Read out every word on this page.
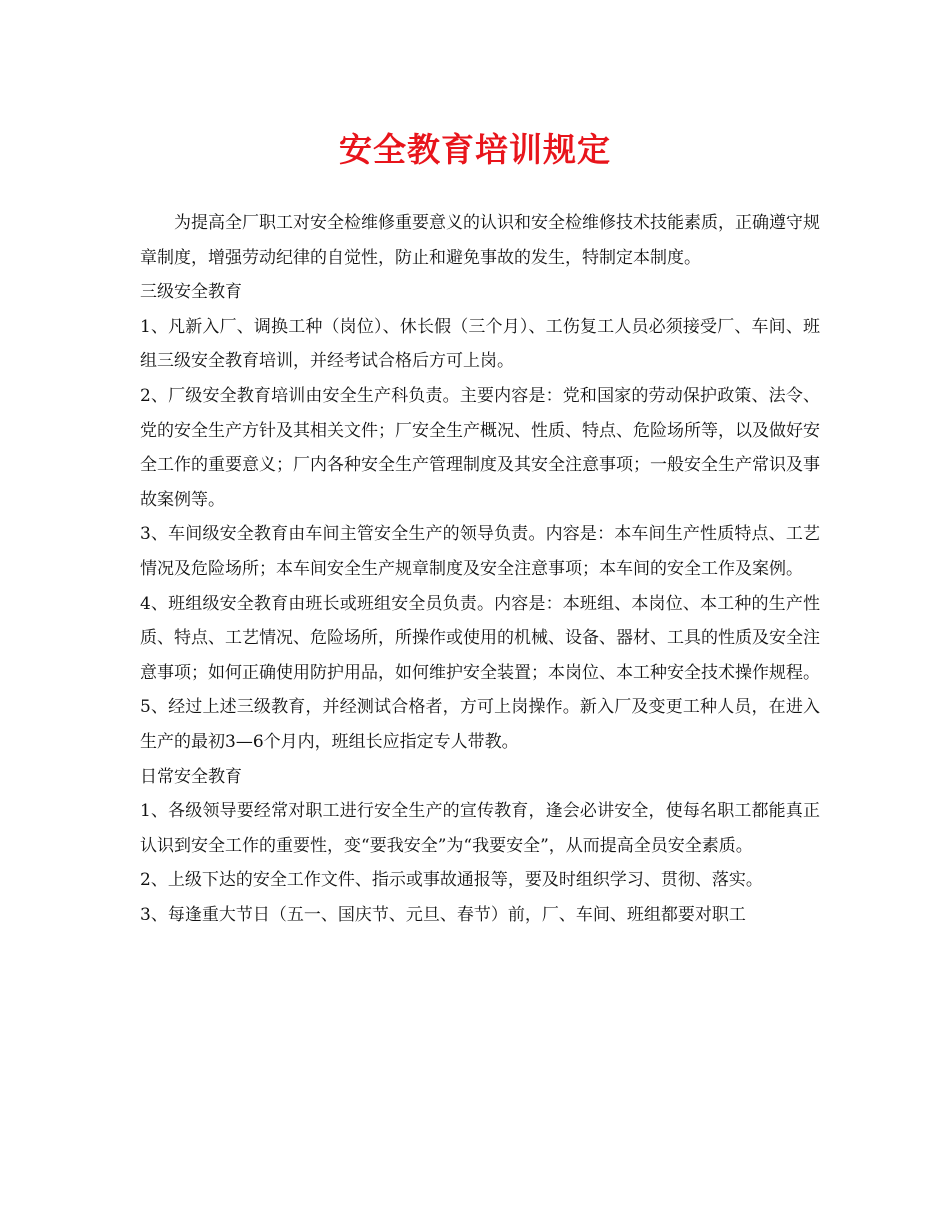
安全教育培训规定

为提高全厂职工对安全检维修重要意义的认识和安全检维修技术技能素质，正确遵守规章制度，增强劳动纪律的自觉性，防止和避免事故的发生，特制定本制度。

三级安全教育

1、凡新入厂、调换工种（岗位）、休长假（三个月）、工伤复工人员必须接受厂、车间、班组三级安全教育培训，并经考试合格后方可上岗。

2、厂级安全教育培训由安全生产科负责。主要内容是：党和国家的劳动保护政策、法令、党的安全生产方针及其相关文件；厂安全生产概况、性质、特点、危险场所等，以及做好安全工作的重要意义；厂内各种安全生产管理制度及其安全注意事项；一般安全生产常识及事故案例等。

3、车间级安全教育由车间主管安全生产的领导负责。内容是：本车间生产性质特点、工艺情况及危险场所；本车间安全生产规章制度及安全注意事项；本车间的安全工作及案例。

4、班组级安全教育由班长或班组安全员负责。内容是：本班组、本岗位、本工种的生产性质、特点、工艺情况、危险场所，所操作或使用的机械、设备、器材、工具的性质及安全注意事项；如何正确使用防护用品，如何维护安全装置；本岗位、本工种安全技术操作规程。

5、经过上述三级教育，并经测试合格者，方可上岗操作。新入厂及变更工种人员，在进入生产的最初3—6个月内，班组长应指定专人带教。

日常安全教育

1、各级领导要经常对职工进行安全生产的宣传教育，逢会必讲安全，使每名职工都能真正认识到安全工作的重要性，变“要我安全”为“我要安全”，从而提高全员安全素质。

2、上级下达的安全工作文件、指示或事故通报等，要及时组织学习、贯彻、落实。

3、每逢重大节日（五一、国庆节、元旦、春节）前，厂、车间、班组都要对职工
